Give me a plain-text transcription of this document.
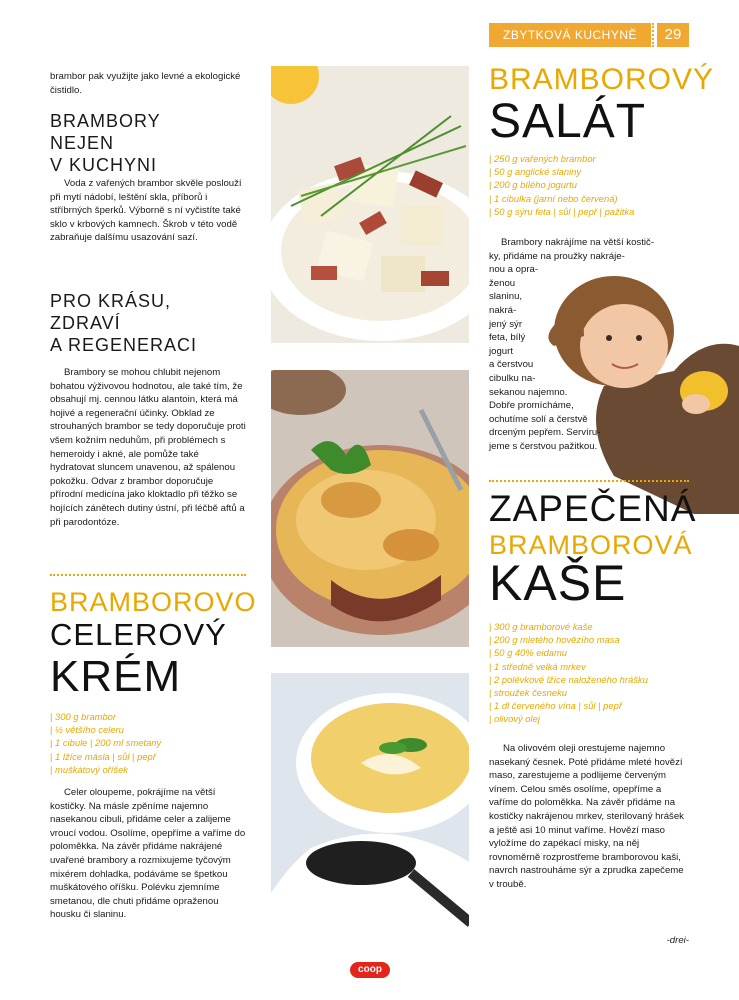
ZBYTKOVÁ KUCHYNĚ	29
brambor pak využijte jako levné a ekologické čistidlo.
BRAMBORY
NEJEN
V KUCHYNI
Voda z vařených brambor skvěle poslouží při mytí nádobí, leštění skla, příborů i stříbrných šperků. Výborně s ní vyčistíte také sklo v krbových kamnech. Škrob v této vodě zabraňuje dalšímu usazování sazí.
PRO KRÁSU,
ZDRAVÍ
A REGENERACI
Brambory se mohou chlubit nejenom bohatou výživovou hodnotou, ale také tím, že obsahují mj. cennou látku alantoin, která má hojivé a regenerační účinky. Obklad ze strouhaných brambor se tedy doporučuje proti všem kožním neduhům, při problémech s hemeroidy i akné, ale pomůže také hydratovat sluncem unavenou, až spálenou pokožku. Odvar z brambor doporučuje přírodní medicína jako kloktadlo při těžko se hojících zánětech dutiny ústní, při léčbě aftů a při parodontóze.
BRAMBOROVO
CELEROVÝ
KRÉM
| 300 g brambor
| ½ většího celeru
| 1 cibule | 200 ml smetany
| 1 lžíce másla | sůl | pepř
| muškátový oříšek
Celer oloupeme, pokrájíme na větší kostičky. Na másle zpěníme najemno nasekanou cibuli, přidáme celer a zalijeme vroucí vodou. Osolíme, opepříme a vaříme do poloměkka. Na závěr přidáme nakrájené uvařené brambory a rozmixujeme tyčovým mixérem dohladka, podáváme se špetkou muškátového oříšku. Polévku zjemníme smetanou, dle chuti přidáme opraženou housku či slaninu.
BRAMBOROVÝ
SALÁT
| 250 g vařených brambor
| 50 g anglické slaniny
| 200 g bílého jogurtu
| 1 cibulka (jarní nebo červená)
| 50 g sýru feta | sůl | pepř | pažitka
Brambory nakrájíme na větší kostič-
ky, přidáme na proužky nakrájе-
nou a opra-
ženou
slaninu,
nakrá-
jený sýr
feta, bílý
jogurt
a čerstvou
cibulku na-
sekanou najemno.
Dobře promícháme,
ochutíme solí a čerstvě
drceným pepřem. Servíru-
jeme s čerstvou pažitkou.
ZAPEČENÁ
BRAMBOROVÁ
KAŠE
| 300 g bramborové kaše
| 200 g mletého hovězího masa
| 50 g 40% eidamu
| 1 středně velká mrkev
| 2 polévkové lžíce naloženého hrášku
| stroužek česneku
| 1 dl červeného vína | sůl | pepř
| olivový olej
Na olivovém oleji orestujeme najemno nasekaný česnek. Poté přidáme mleté hovězí maso, zarestujeme a podlijeme červeným vínem. Celou směs osolíme, opepříme a vaříme do poloměkka. Na závěr přidáme na kostičky nakrájenou mrkev, sterilovaný hrášek a ještě asi 10 minut vaříme. Hovězí maso vyložíme do zapékací misky, na něj rovnoměrně rozprostřeme bramborovou kaši, navrch nastrouháme sýr a zprudka zapečeme v troubě.
-drei-
coop
